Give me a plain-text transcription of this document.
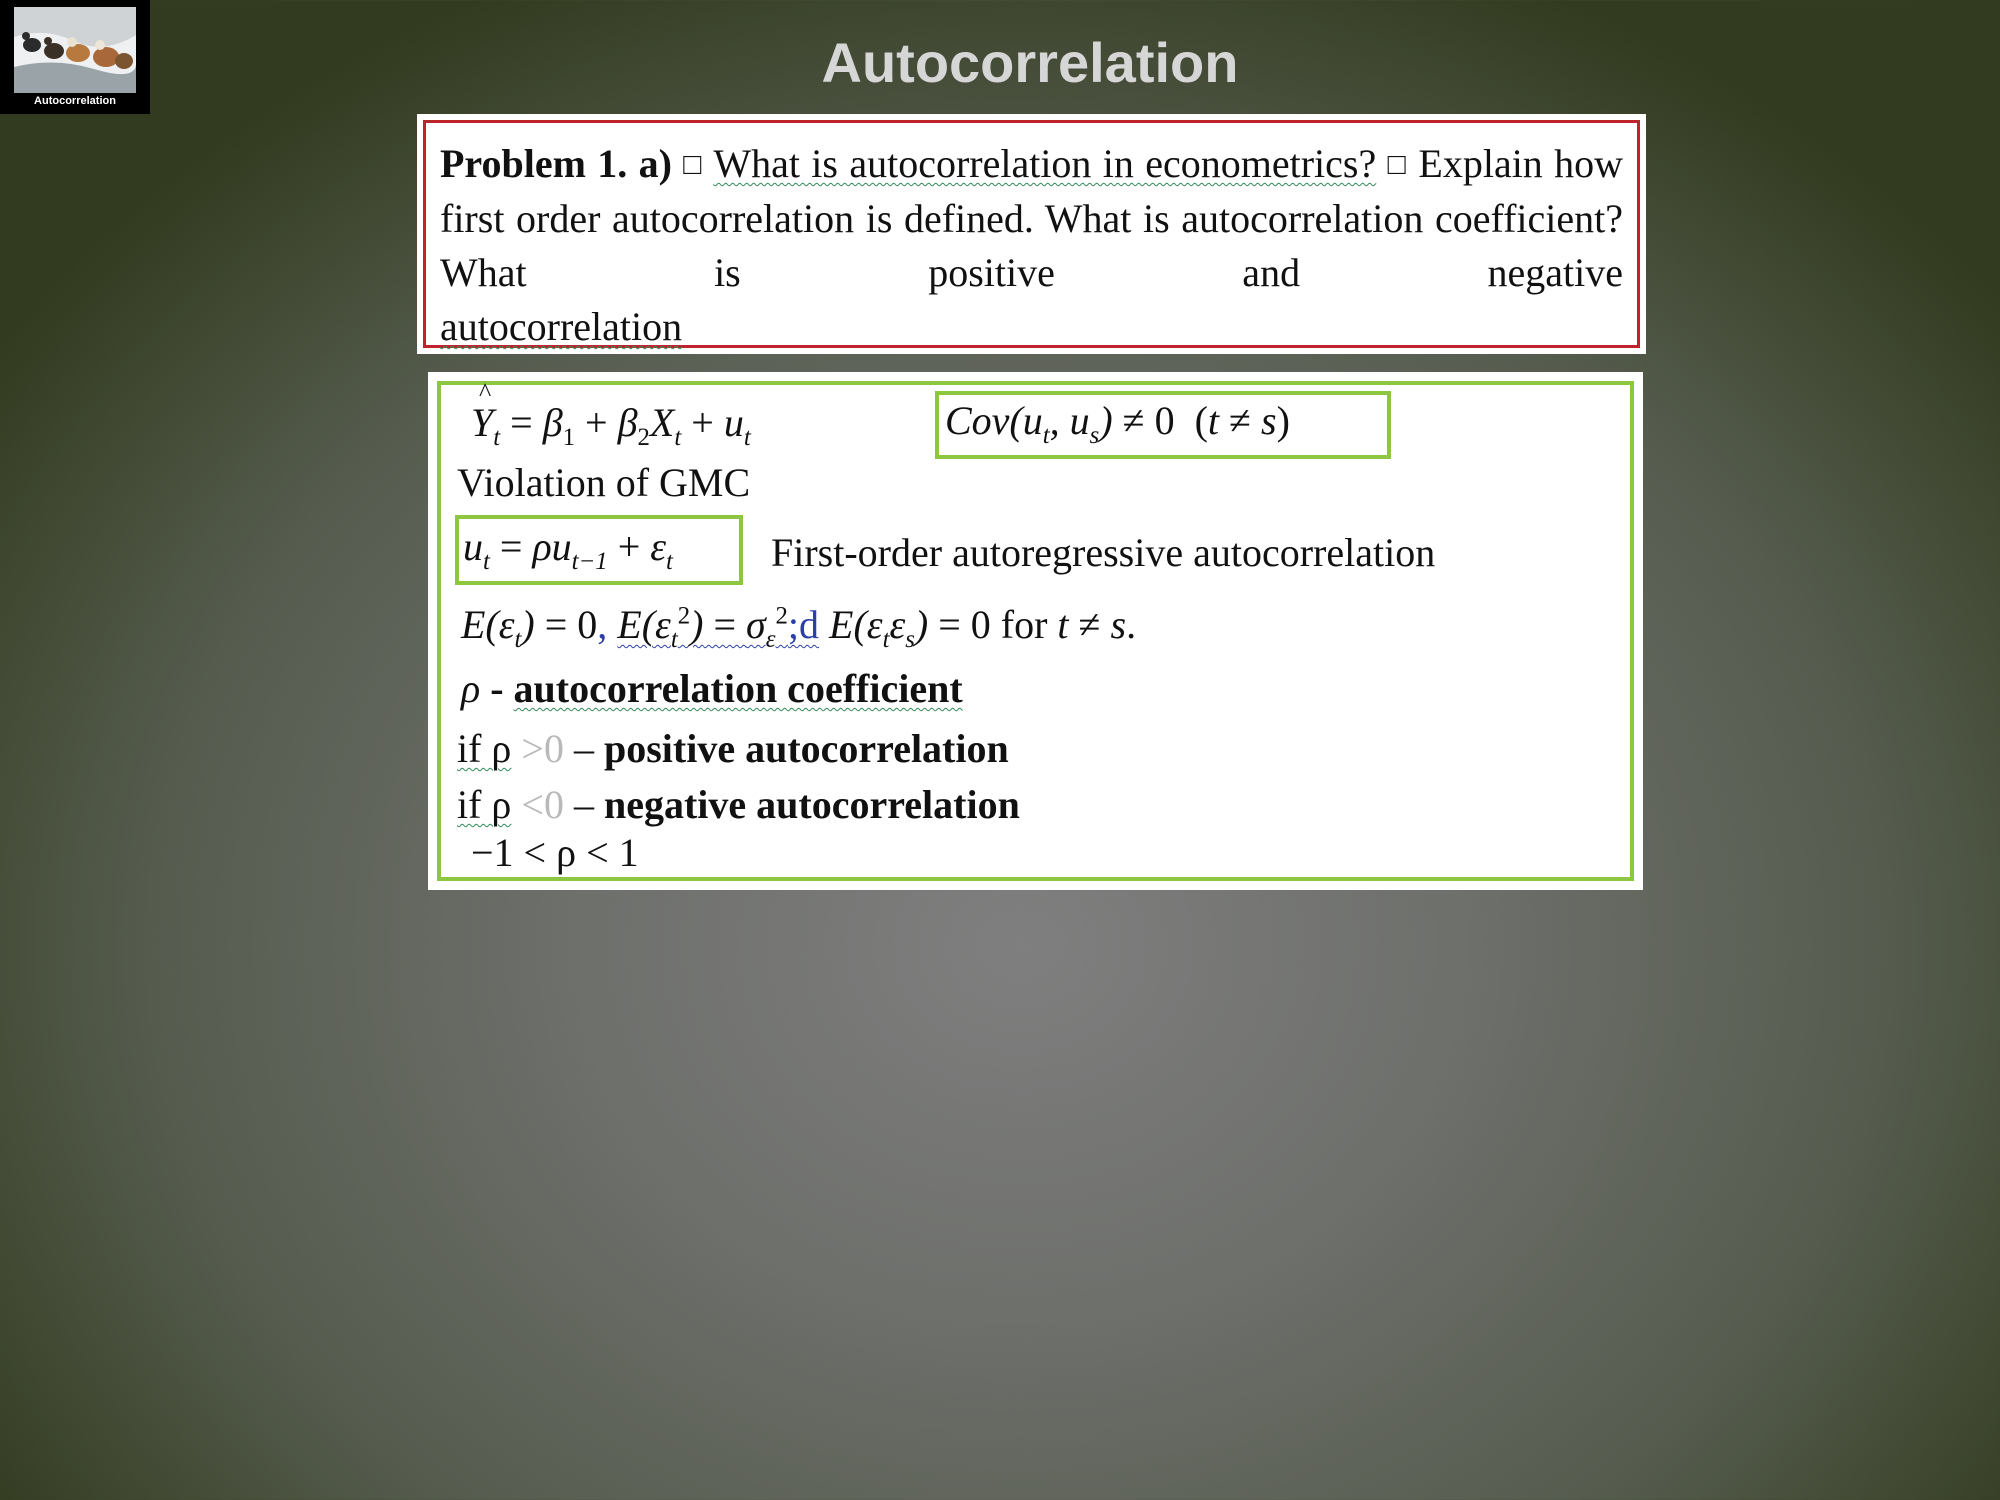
Autocorrelation
Autocorrelation
Problem 1. a) □ What is autocorrelation in econometrics? □ Explain how first order autocorrelation is defined. What is autocorrelation coefficient? What is positive and negative
autocorrelation
Y
^
$_t = \beta_1 + \beta_2X_t + u_t$	$Cov(u_t$, $u_s) \ne 0$  (t ≠ s)
Violation of GMC
$u_t = \rho u_{t-1} + \varepsilon_t$ First-order autoregressive autocorrelation
$E(\varepsilon_t) = 0$, $E(\varepsilon_t^2)$ = $\sigma_\varepsilon^2;d$ $E(\varepsilon_t\varepsilon_s) = 0$ for t ≠ s.
ρ - autocorrelation coefficient
if ρ >0 – positive autocorrelation
if ρ <0 – negative autocorrelation
−1 < ρ < 1
